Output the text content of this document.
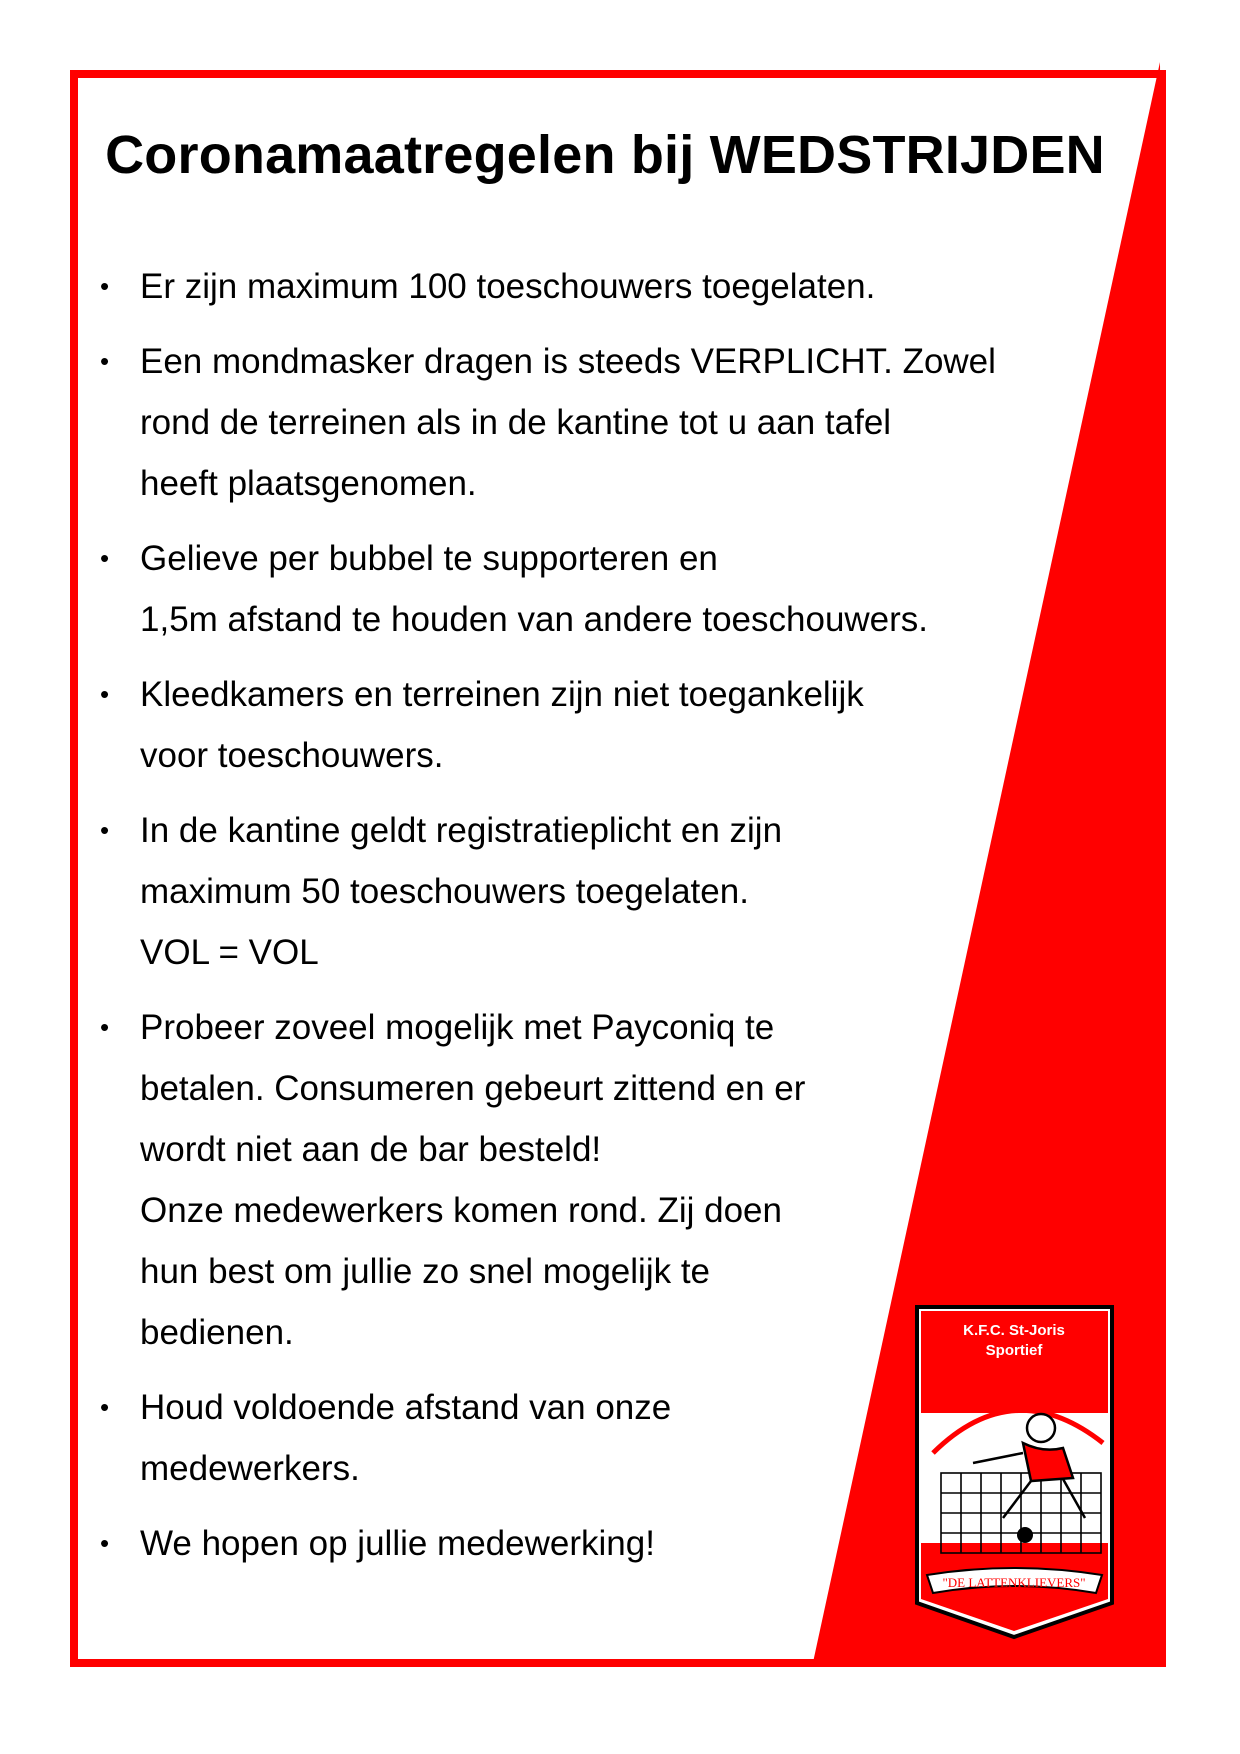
Coronamaatregelen bij WEDSTRIJDEN
• Er zijn maximum 100 toeschouwers toegelaten.
• Een mondmasker dragen is steeds VERPLICHT. Zowel
rond de terreinen als in de kantine tot u aan tafel
heeft plaatsgenomen.
• Gelieve per bubbel te supporteren en
1,5m afstand te houden van andere toeschouwers.
• Kleedkamers en terreinen zijn niet toegankelijk
voor toeschouwers.
• In de kantine geldt registratieplicht en zijn
maximum 50 toeschouwers toegelaten.
VOL = VOL
• Probeer zoveel mogelijk met Payconiq te
betalen. Consumeren gebeurt zittend en er
wordt niet aan de bar besteld!
Onze medewerkers komen rond. Zij doen
hun best om jullie zo snel mogelijk te
bedienen.
• Houd voldoende afstand van onze
medewerkers.
• We hopen op jullie medewerking!
K.F.C. St-Joris
Sportief
"DE LATTENKLIEVERS"
